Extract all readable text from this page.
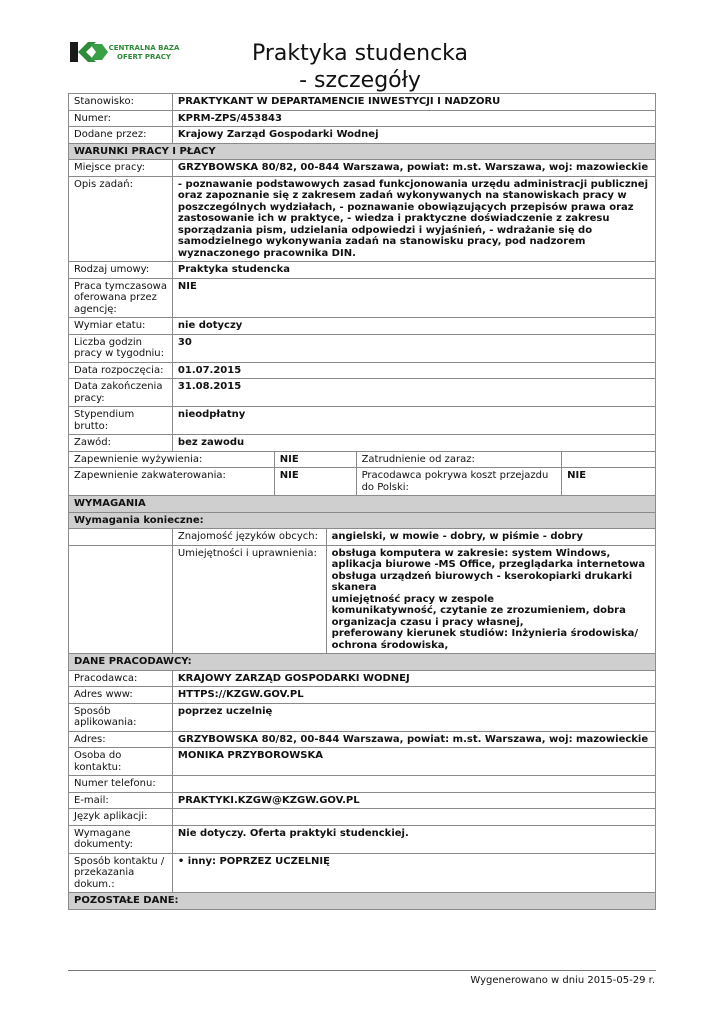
CENTRALNA BAZA
OFERT PRACY	Praktyka studencka
- szczegóły
Stanowisko:	PRAKTYKANT W DEPARTAMENCIE INWESTYCJI I NADZORU				
Numer:	KPRM-ZPS/453843				
Dodane przez:	Krajowy Zarząd Gospodarki Wodnej				
WARUNKI PRACY I PŁACY					
Miejsce pracy:	GRZYBOWSKA 80/82, 00-844 Warszawa, powiat: m.st. Warszawa, woj: mazowieckie				
Opis zadań:	- poznawanie podstawowych zasad funkcjonowania urzędu administracji publicznej oraz zapoznanie się z zakresem zadań wykonywanych na stanowiskach pracy w poszczególnych wydziałach, - poznawanie obowiązujących przepisów prawa oraz zastosowanie ich w praktyce, - wiedza i praktyczne doświadczenie z zakresu sporządzania pism, udzielania odpowiedzi i wyjaśnień, - wdrażanie się do samodzielnego wykonywania zadań na stanowisku pracy, pod nadzorem wyznaczonego pracownika DIN.				
Rodzaj umowy:	Praktyka studencka				
Praca tymczasowa oferowana przez agencję:	NIE				
Wymiar etatu:	nie dotyczy				
Liczba godzin pracy w tygodniu:	30				
Data rozpoczęcia:	01.07.2015				
Data zakończenia pracy:	31.08.2015				
Stypendium brutto:	nieodpłatny				
Zawód:	bez zawodu				
Zapewnienie wyżywienia:		NIE		Zatrudnienie od zaraz:	
Zapewnienie zakwaterowania:		NIE		Pracodawca pokrywa koszt przejazdu do Polski:	NIE
WYMAGANIA					
Wymagania konieczne:					
	Znajomość języków obcych:		angielski, w mowie - dobry, w piśmie - dobry		
	Umiejętności i uprawnienia:		obsługa komputera w zakresie: system Windows, aplikacja biurowe -MS Office, przeglądarka internetowa obsługa urządzeń biurowych - kserokopiarki drukarki skanera
umiejętność pracy w zespole
komunikatywność, czytanie ze zrozumieniem, dobra organizacja czasu i pracy własnej,
preferowany kierunek studiów: Inżynieria środowiska/ ochrona środowiska,		
DANE PRACODAWCY:					
Pracodawca:	KRAJOWY ZARZĄD GOSPODARKI WODNEJ				
Adres www:	HTTPS://KZGW.GOV.PL				
Sposób aplikowania:	poprzez uczelnię				
Adres:	GRZYBOWSKA 80/82, 00-844 Warszawa, powiat: m.st. Warszawa, woj: mazowieckie				
Osoba do kontaktu:	MONIKA PRZYBOROWSKA				
Numer telefonu:					
E-mail:	PRAKTYKI.KZGW@KZGW.GOV.PL				
Język aplikacji:					
Wymagane dokumenty:	Nie dotyczy. Oferta praktyki studenckiej.				
Sposób kontaktu / przekazania dokum.:	• inny: POPRZEZ UCZELNIĘ				
POZOSTAŁE DANE:					
Wygenerowano w dniu 2015-05-29 r.
